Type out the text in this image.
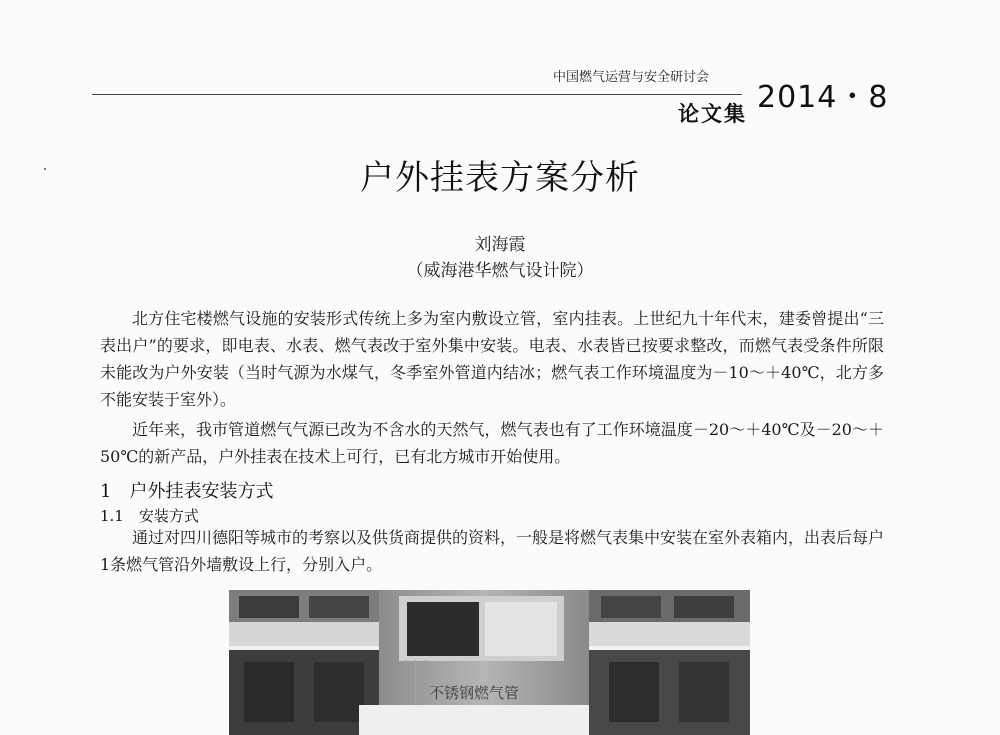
中国燃气运营与安全研讨会
2014・8
论文集
户外挂表方案分析
刘海霞
（威海港华燃气设计院）

北方住宅楼燃气设施的安装形式传统上多为室内敷设立管，室内挂表。上世纪九十年代末，建委曾提出“三表出户”的要求，即电表、水表、燃气表改于室外集中安装。电表、水表皆已按要求整改，而燃气表受条件所限未能改为户外安装（当时气源为水煤气，冬季室外管道内结冰；燃气表工作环境温度为－10～＋40℃，北方多不能安装于室外）。

近年来，我市管道燃气气源已改为不含水的天然气，燃气表也有了工作环境温度－20～＋40℃及－20～＋50℃的新产品，户外挂表在技术上可行，已有北方城市开始使用。

1　户外挂表安装方式
1.1　安装方式

通过对四川德阳等城市的考察以及供货商提供的资料，一般是将燃气表集中安装在室外表箱内，出表后每户1条燃气管沿外墙敷设上行，分别入户。

不锈钢燃气管
